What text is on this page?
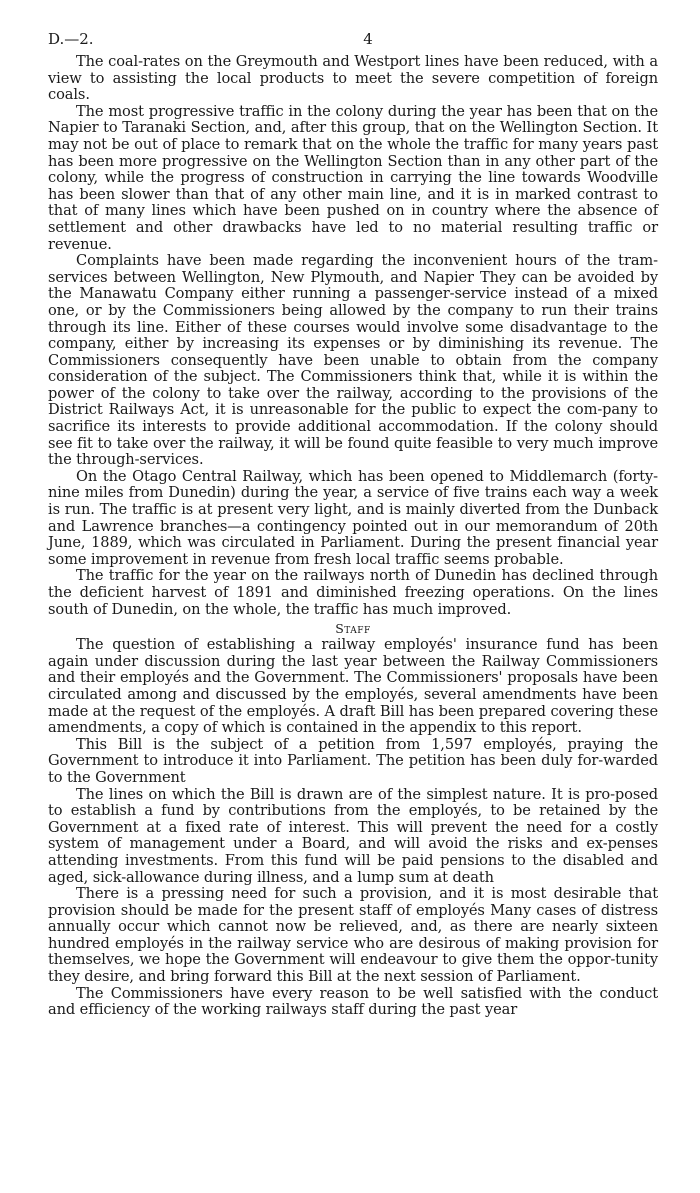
D.—2.	4

The coal-rates on the Greymouth and Westport lines have been reduced, with a view to assisting the local products to meet the severe competition of foreign coals.

The most progressive traffic in the colony during the year has been that on the Napier to Taranaki Section, and, after this group, that on the Wellington Section. It may not be out of place to remark that on the whole the traffic for many years past has been more progressive on the Wellington Section than in any other part of the colony, while the progress of construction in carrying the line towards Woodville has been slower than that of any other main line, and it is in marked contrast to that of many lines which have been pushed on in country where the absence of settlement and other drawbacks have led to no material resulting traffic or revenue.

Complaints have been made regarding the inconvenient hours of the tram-services between Wellington, New Plymouth, and Napier They can be avoided by the Manawatu Company either running a passenger-service instead of a mixed one, or by the Commissioners being allowed by the company to run their trains through its line. Either of these courses would involve some disadvantage to the company, either by increasing its expenses or by diminishing its revenue. The Commissioners consequently have been unable to obtain from the company consideration of the subject. The Commissioners think that, while it is within the power of the colony to take over the railway, according to the provisions of the District Railways Act, it is unreasonable for the public to expect the com-pany to sacrifice its interests to provide additional accommodation. If the colony should see fit to take over the railway, it will be found quite feasible to very much improve the through-services.

On the Otago Central Railway, which has been opened to Middlemarch (forty-nine miles from Dunedin) during the year, a service of five trains each way a week is run. The traffic is at present very light, and is mainly diverted from the Dunback and Lawrence branches—a contingency pointed out in our memorandum of 20th June, 1889, which was circulated in Parliament. During the present financial year some improvement in revenue from fresh local traffic seems probable.

The traffic for the year on the railways north of Dunedin has declined through the deficient harvest of 1891 and diminished freezing operations. On the lines south of Dunedin, on the whole, the traffic has much improved.

Staff

The question of establishing a railway employés' insurance fund has been again under discussion during the last year between the Railway Commissioners and their employés and the Government. The Commissioners' proposals have been circulated among and discussed by the employés, several amendments have been made at the request of the employés. A draft Bill has been prepared covering these amendments, a copy of which is contained in the appendix to this report.

This Bill is the subject of a petition from 1,597 employés, praying the Government to introduce it into Parliament. The petition has been duly for-warded to the Government

The lines on which the Bill is drawn are of the simplest nature. It is pro-posed to establish a fund by contributions from the employés, to be retained by the Government at a fixed rate of interest. This will prevent the need for a costly system of management under a Board, and will avoid the risks and ex-penses attending investments. From this fund will be paid pensions to the disabled and aged, sick-allowance during illness, and a lump sum at death

There is a pressing need for such a provision, and it is most desirable that provision should be made for the present staff of employés Many cases of distress annually occur which cannot now be relieved, and, as there are nearly sixteen hundred employés in the railway service who are desirous of making provision for themselves, we hope the Government will endeavour to give them the oppor-tunity they desire, and bring forward this Bill at the next session of Parliament.

The Commissioners have every reason to be well satisfied with the conduct and efficiency of the working railways staff during the past year
